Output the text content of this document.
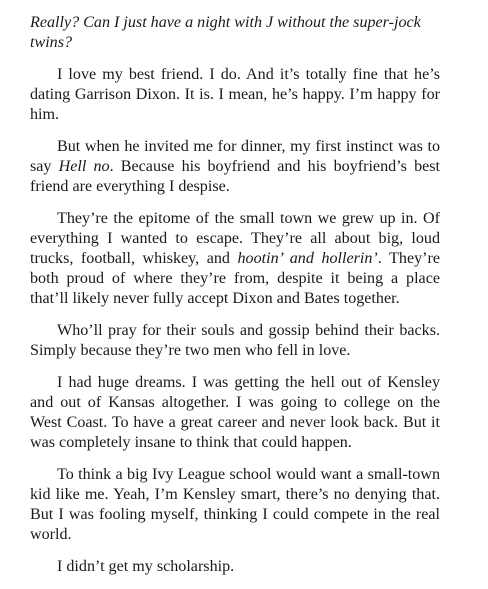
Really? Can I just have a night with J without the super-jock twins?

I love my best friend. I do. And it’s totally fine that he’s dating Garrison Dixon. It is. I mean, he’s happy. I’m happy for him.

But when he invited me for dinner, my first instinct was to say Hell no. Because his boyfriend and his boyfriend’s best friend are everything I despise.

They’re the epitome of the small town we grew up in. Of everything I wanted to escape. They’re all about big, loud trucks, football, whiskey, and hootin’ and hollerin’. They’re both proud of where they’re from, despite it being a place that’ll likely never fully accept Dixon and Bates together.

Who’ll pray for their souls and gossip behind their backs. Simply because they’re two men who fell in love.

I had huge dreams. I was getting the hell out of Kensley and out of Kansas altogether. I was going to college on the West Coast. To have a great career and never look back. But it was completely insane to think that could happen.

To think a big Ivy League school would want a small-town kid like me. Yeah, I’m Kensley smart, there’s no denying that. But I was fooling myself, thinking I could compete in the real world.

I didn’t get my scholarship.
